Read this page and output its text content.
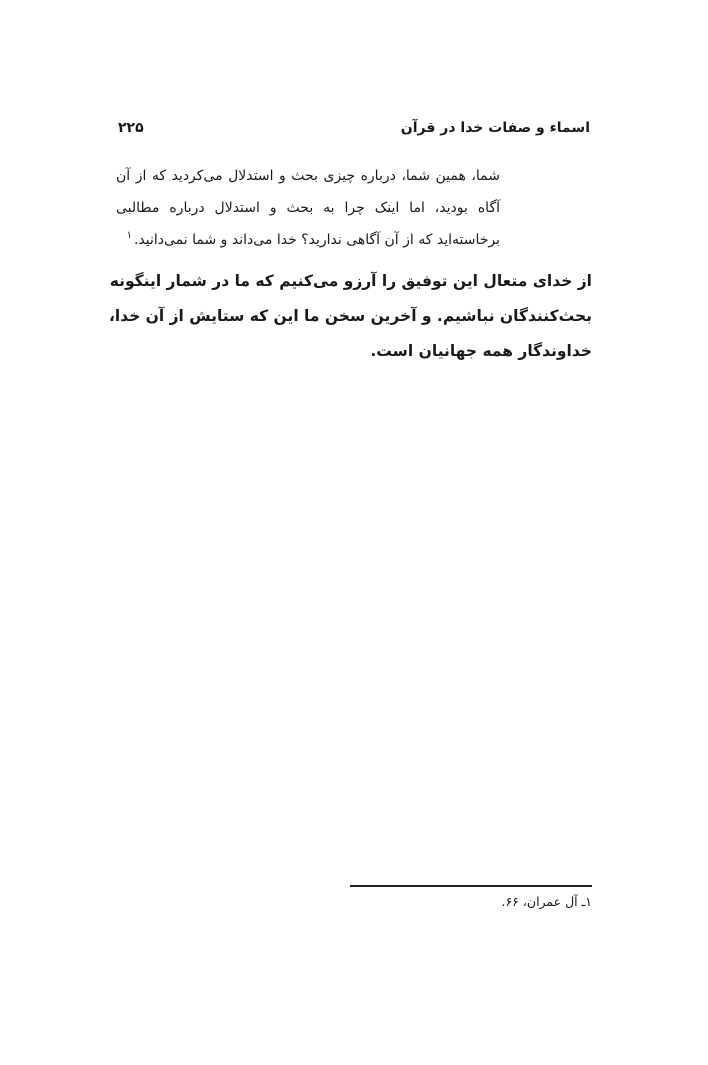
اسماء و صفات خدا در قرآن
۲۲۵
شما، همین شما، درباره چیزی بحث و استدلال می‌کردید که از آن
آگاه بودید، اما اینک چرا به بحث و استدلال درباره مطالبی
برخاسته‌اید که از آن آگاهی ندارید؟ خدا می‌داند و شما نمی‌دانید.$^۱$
از خدای متعال این توفیق را آرزو می‌کنیم که ما در شمار اینگونه
بحث‌کنندگان نباشیم. و آخرین سخن ما این که ستایش از آن خدا،
خداوندگار همه جهانیان است.
۱ـ آل عمران، ۶۶.
